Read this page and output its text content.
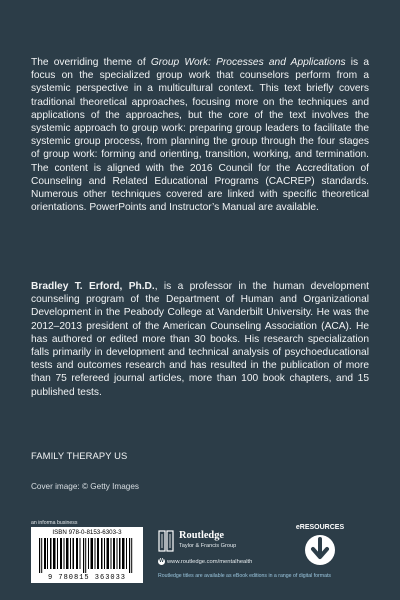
The overriding theme of Group Work: Processes and Applications is a focus on the specialized group work that counselors perform from a systemic perspective in a multicultural context. This text briefly covers traditional theoretical approaches, focusing more on the techniques and applications of the approaches, but the core of the text involves the systemic approach to group work: preparing group leaders to facilitate the systemic group process, from planning the group through the four stages of group work: forming and orienting, transition, working, and termination. The content is aligned with the 2016 Council for the Accreditation of Counseling and Related Educational Programs (CACREP) standards. Numerous other techniques covered are linked with specific theoretical orientations. PowerPoints and Instructor’s Manual are available.

Bradley T. Erford, Ph.D., is a professor in the human development counseling program of the Department of Human and Organizational Development in the Peabody College at Vanderbilt University. He was the 2012–2013 president of the American Counseling Association (ACA). He has authored or edited more than 30 books. His research specialization falls primarily in development and technical analysis of psychoeducational tests and outcomes research and has resulted in the publication of more than 75 refereed journal articles, more than 100 book chapters, and 15 published tests.

FAMILY THERAPY US

Cover image: © Getty Images

an informa business

ISBN 978-0-8153-6303-3
9 780815 363033
Routledge
Taylor & Francis Group
W www.routledge.com/mentalhealth
eRESOURCES

Routledge titles are available as eBook editions in a range of digital formats
